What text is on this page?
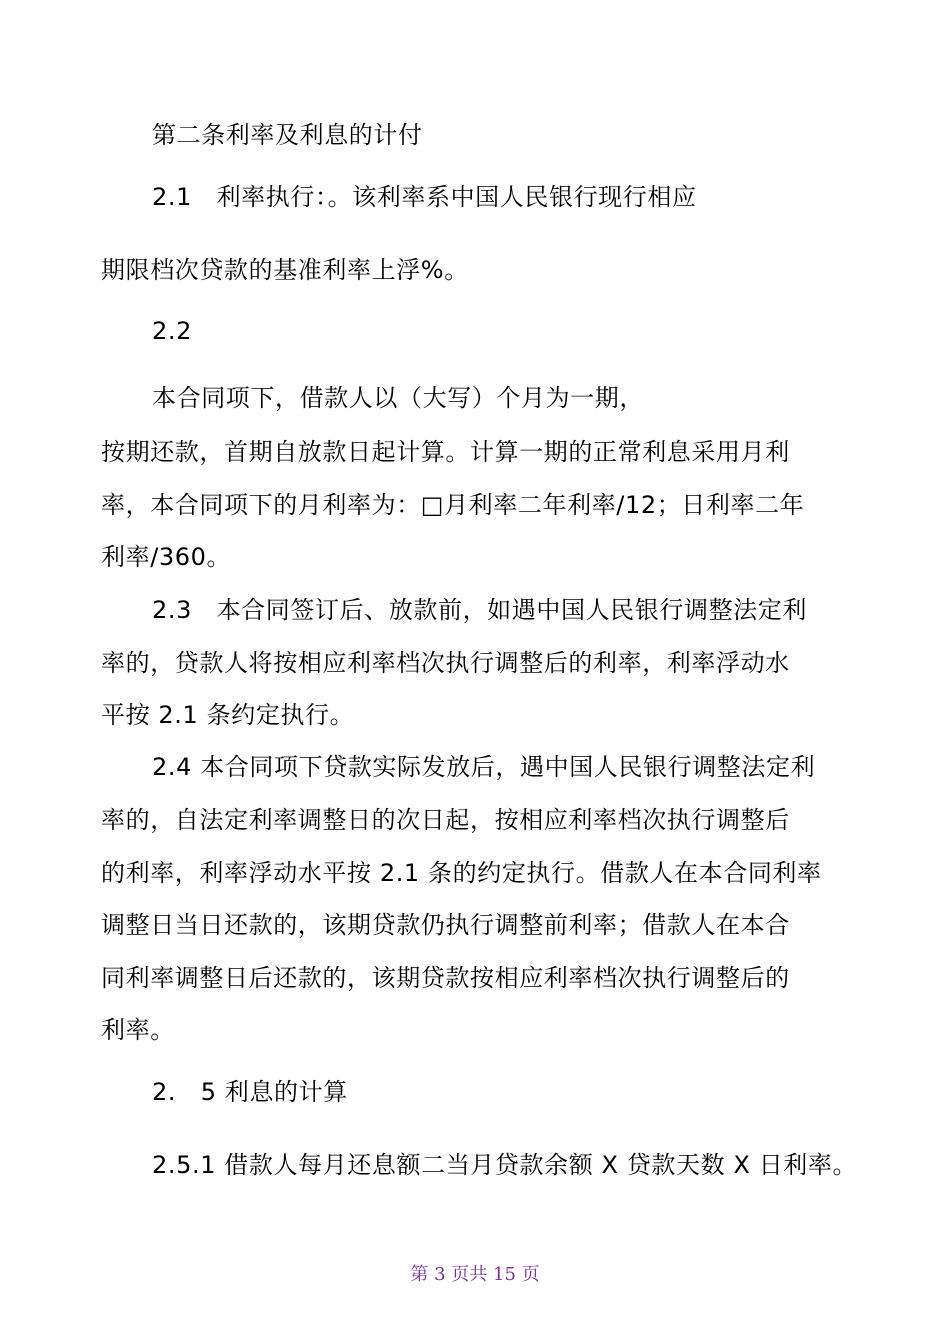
第二条利率及利息的计付
2.1　利率执行：。该利率系中国人民银行现行相应
期限档次贷款的基准利率上浮%。
2.2
本合同项下，借款人以（大写）个月为一期，
按期还款，首期自放款日起计算。计算一期的正常利息采用月利
率，本合同项下的月利率为：□月利率二年利率/12；日利率二年
利率/360。
2.3　本合同签订后、放款前，如遇中国人民银行调整法定利
率的，贷款人将按相应利率档次执行调整后的利率，利率浮动水
平按 2.1 条约定执行。
2.4 本合同项下贷款实际发放后，遇中国人民银行调整法定利
率的，自法定利率调整日的次日起，按相应利率档次执行调整后
的利率，利率浮动水平按 2.1 条的约定执行。借款人在本合同利率
调整日当日还款的，该期贷款仍执行调整前利率；借款人在本合
同利率调整日后还款的，该期贷款按相应利率档次执行调整后的
利率。
2.　5 利息的计算
2.5.1 借款人每月还息额二当月贷款余额 X 贷款天数 X 日利率。
第 3 页共 15 页
